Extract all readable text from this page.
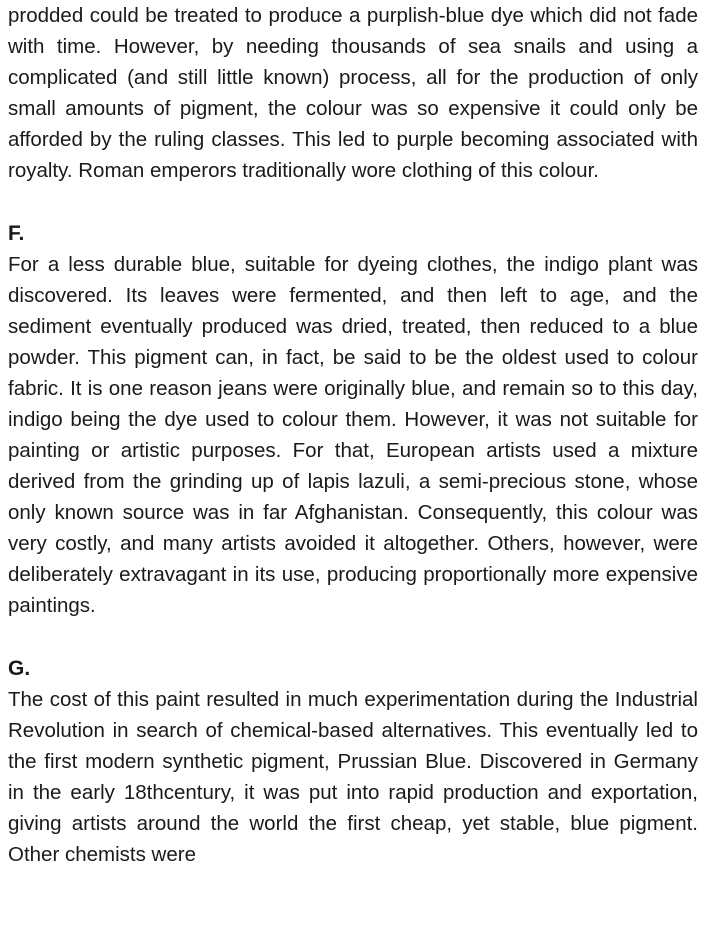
prodded could be treated to produce a purplish-blue dye which did not fade with time. However, by needing thousands of sea snails and using a complicated (and still little known) process, all for the production of only small amounts of pigment, the colour was so expensive it could only be afforded by the ruling classes. This led to purple becoming associated with royalty. Roman emperors traditionally wore clothing of this colour.

F.

For a less durable blue, suitable for dyeing clothes, the indigo plant was discovered. Its leaves were fermented, and then left to age, and the sediment eventually produced was dried, treated, then reduced to a blue powder. This pigment can, in fact, be said to be the oldest used to colour fabric. It is one reason jeans were originally blue, and remain so to this day, indigo being the dye used to colour them. However, it was not suitable for painting or artistic purposes. For that, European artists used a mixture derived from the grinding up of lapis lazuli, a semi-precious stone, whose only known source was in far Afghanistan. Consequently, this colour was very costly, and many artists avoided it altogether. Others, however, were deliberately extravagant in its use, producing proportionally more expensive paintings.

G.

The cost of this paint resulted in much experimentation during the Industrial Revolution in search of chemical-based alternatives. This eventually led to the first modern synthetic pigment, Prussian Blue. Discovered in Germany in the early 18thcentury, it was put into rapid production and exportation, giving artists around the world the first cheap, yet stable, blue pigment. Other chemists were
